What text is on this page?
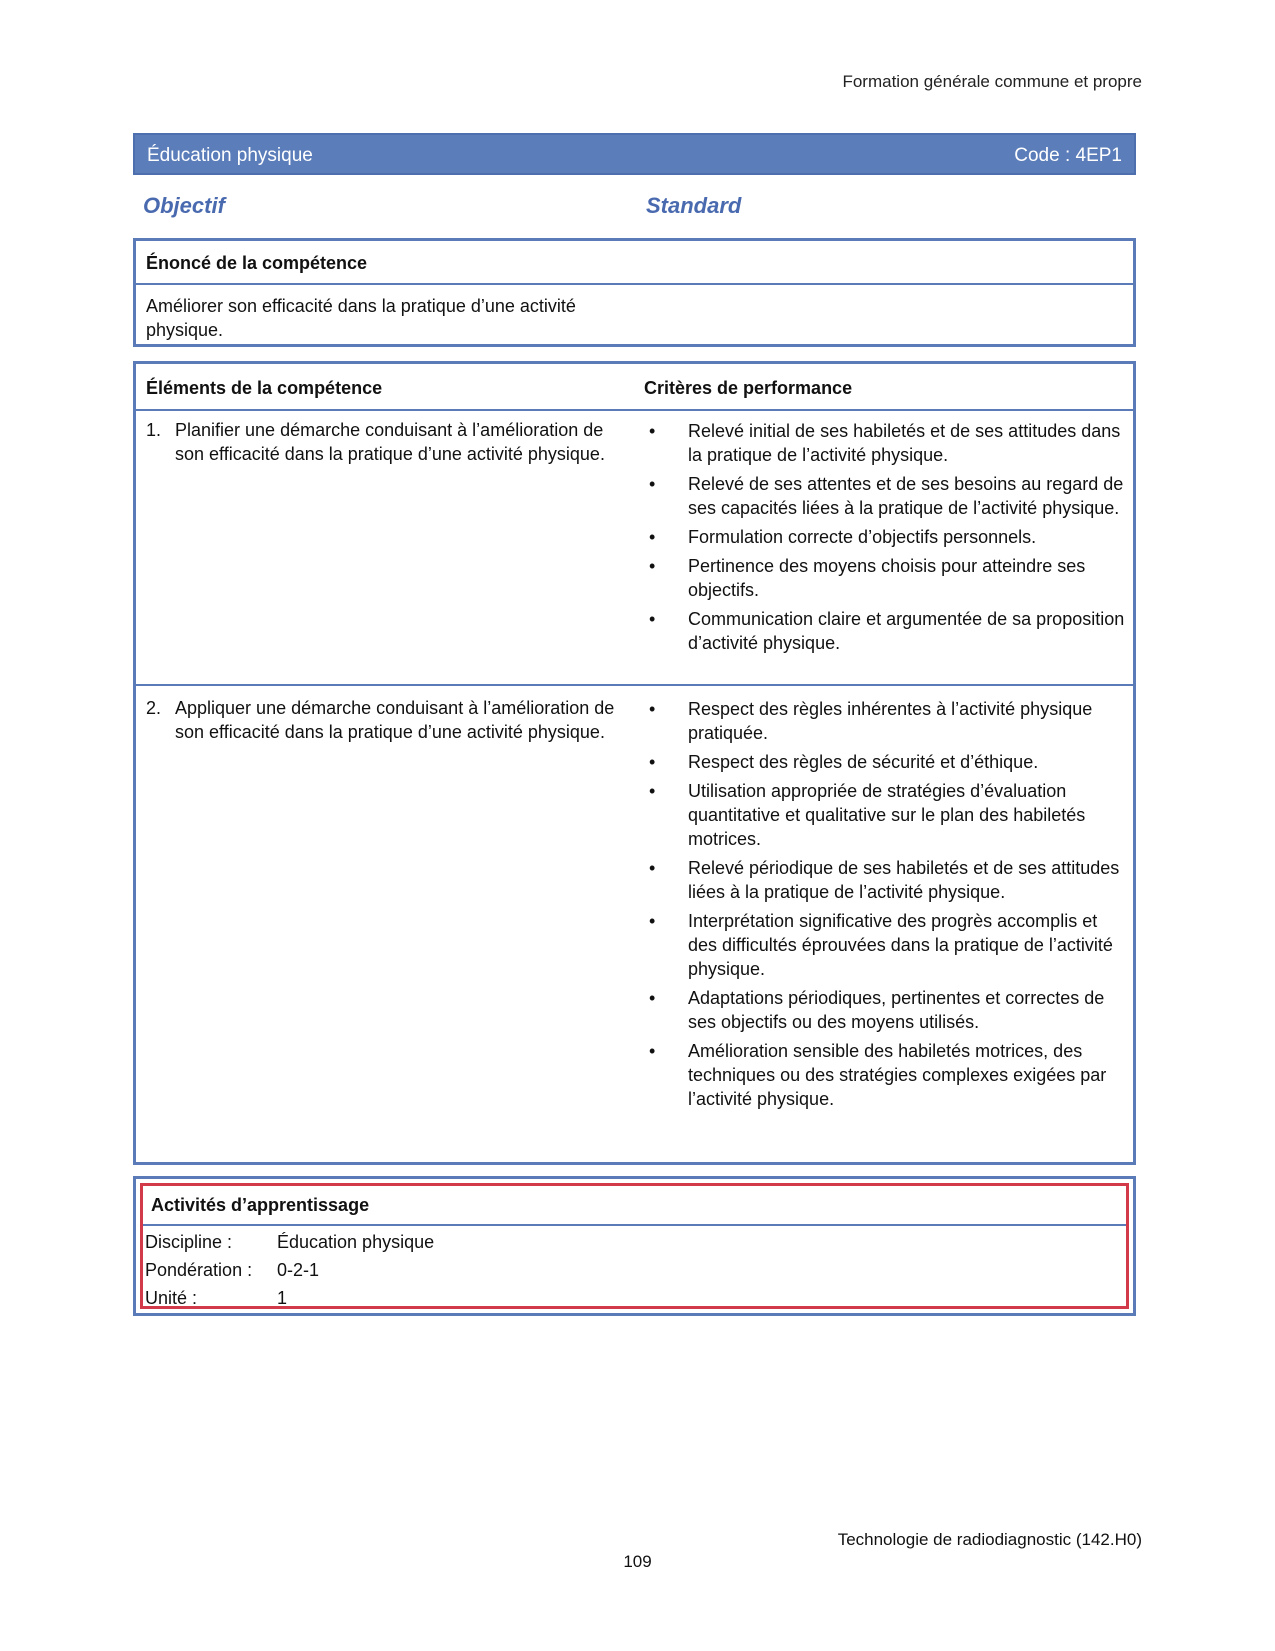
Formation générale commune et propre
Éducation physique	Code : 4EP1
Objectif	Standard
Énoncé de la compétence
Améliorer son efficacité dans la pratique d’une activité physique.
Éléments de la compétence	Critères de performance
1. Planifier une démarche conduisant à l’amélioration de son efficacité dans la pratique d’une activité physique.
• Relevé initial de ses habiletés et de ses attitudes dans la pratique de l’activité physique.
• Relevé de ses attentes et de ses besoins au regard de ses capacités liées à la pratique de l’activité physique.
• Formulation correcte d’objectifs personnels.
• Pertinence des moyens choisis pour atteindre ses objectifs.
• Communication claire et argumentée de sa proposition d’activité physique.
2. Appliquer une démarche conduisant à l’amélioration de son efficacité dans la pratique d’une activité physique.
• Respect des règles inhérentes à l’activité physique pratiquée.
• Respect des règles de sécurité et d’éthique.
• Utilisation appropriée de stratégies d’évaluation quantitative et qualitative sur le plan des habiletés motrices.
• Relevé périodique de ses habiletés et de ses attitudes liées à la pratique de l’activité physique.
• Interprétation significative des progrès accomplis et des difficultés éprouvées dans la pratique de l’activité physique.
• Adaptations périodiques, pertinentes et correctes de ses objectifs ou des moyens utilisés.
• Amélioration sensible des habiletés motrices, des techniques ou des stratégies complexes exigées par l’activité physique.
Activités d’apprentissage
Discipline : Éducation physique
Pondération : 0-2-1
Unité :	1
Technologie de radiodiagnostic (142.H0)
109
